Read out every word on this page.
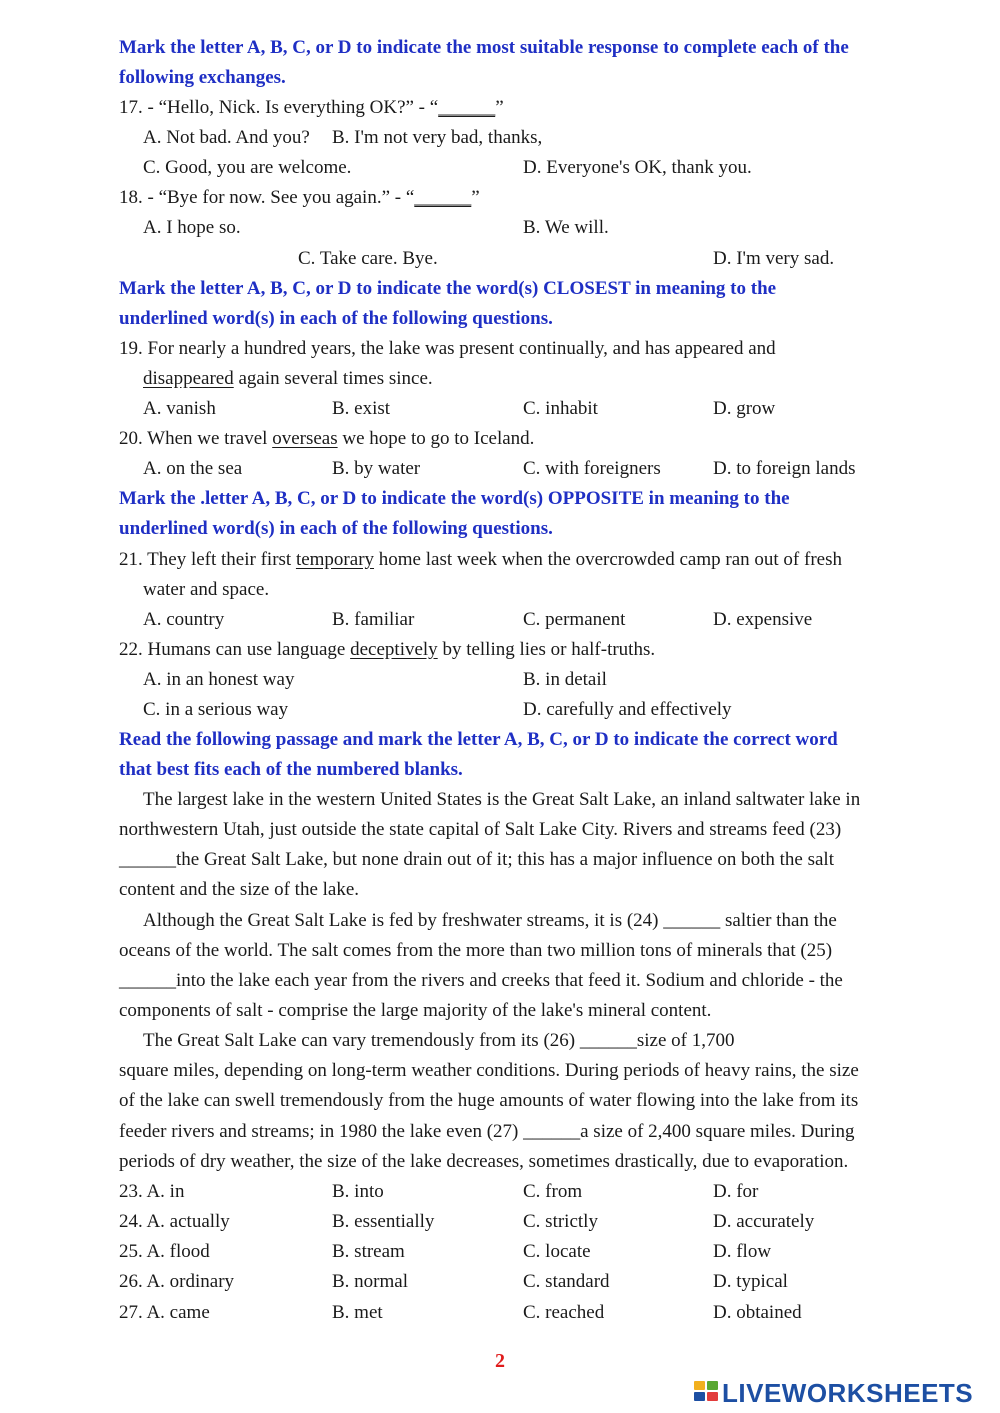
Mark the letter A, B, C, or D to indicate the most suitable response to complete each of the
following exchanges.
17. - “Hello, Nick. Is everything OK?” - “______”
A. Not bad. And you? B. I'm not very bad, thanks,
C. Good, you are welcome.	D. Everyone's OK, thank you.
18. - “Bye for now. See you again.” - “______”
A. I hope so.	B. We will.
C. Take care. Bye.	D. I'm very sad.
Mark the letter A, B, C, or D to indicate the word(s) CLOSEST in meaning to the
underlined word(s) in each of the following questions.
19. For nearly a hundred years, the lake was present continually, and has appeared and
disappeared again several times since.
A. vanish	B. exist	C. inhabit	D. grow
20. When we travel overseas we hope to go to Iceland.
A. on the sea	B. by water	C. with foreigners	D. to foreign lands
Mark the .letter A, B, C, or D to indicate the word(s) OPPOSITE in meaning to the
underlined word(s) in each of the following questions.
21. They left their first temporary home last week when the overcrowded camp ran out of fresh
water and space.
A. country	B. familiar	C. permanent	D. expensive
22. Humans can use language deceptively by telling lies or half-truths.
A. in an honest way	B. in detail
C. in a serious way	D. carefully and effectively
Read the following passage and mark the letter A, B, C, or D to indicate the correct word
that best fits each of the numbered blanks.
The largest lake in the western United States is the Great Salt Lake, an inland saltwater lake in
northwestern Utah, just outside the state capital of Salt Lake City. Rivers and streams feed (23)
______the Great Salt Lake, but none drain out of it; this has a major influence on both the salt
content and the size of the lake.
Although the Great Salt Lake is fed by freshwater streams, it is (24) ______ saltier than the
oceans of the world. The salt comes from the more than two million tons of minerals that (25)
______into the lake each year from the rivers and creeks that feed it. Sodium and chloride - the
components of salt - comprise the large majority of the lake's mineral content.
The Great Salt Lake can vary tremendously from its (26) ______size of 1,700
square miles, depending on long-term weather conditions. During periods of heavy rains, the size
of the lake can swell tremendously from the huge amounts of water flowing into the lake from its
feeder rivers and streams; in 1980 the lake even (27) ______a size of 2,400 square miles. During
periods of dry weather, the size of the lake decreases, sometimes drastically, due to evaporation.
23. A. in	B. into	C. from	D. for
24. A. actually	B. essentially	C. strictly	D. accurately
25. A. flood	B. stream	C. locate	D. flow
26. A. ordinary	B. normal	C. standard	D. typical
27. A. came	B. met	C. reached	D. obtained
2
LIVEWORKSHEETS
